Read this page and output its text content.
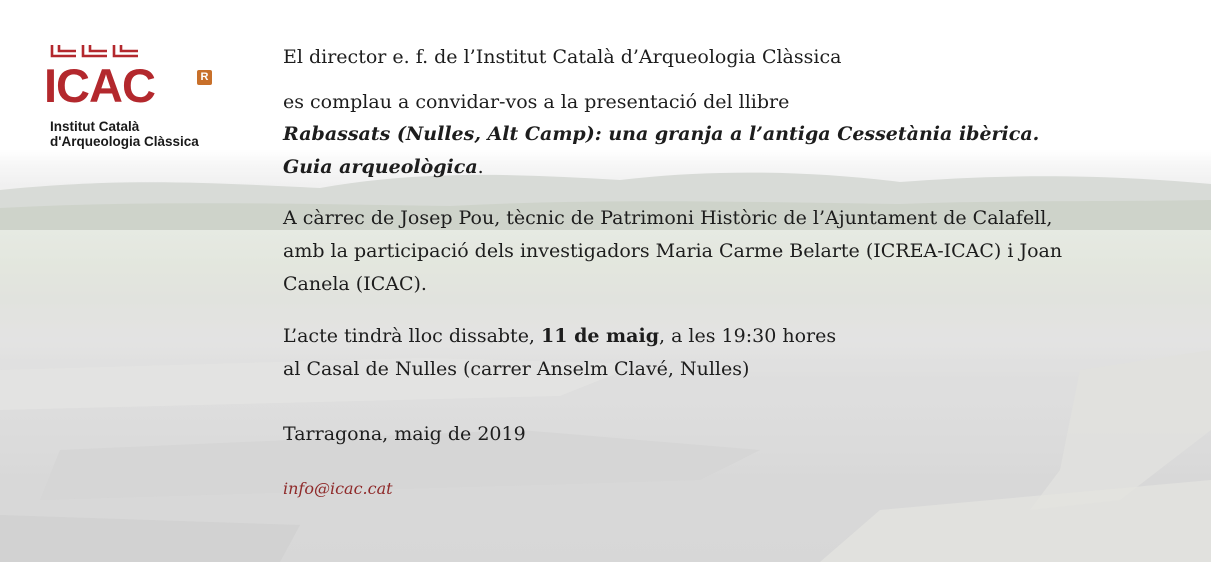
ICAC	R
Institut Català
d'Arqueologia Clàssica
El director e. f. de l’Institut Català d’Arqueologia Clàssica
es complau a convidar-vos a la presentació del llibre
Rabassats (Nulles, Alt Camp): una granja a l’antiga Cessetània ibèrica.
Guia arqueològica.
A càrrec de Josep Pou, tècnic de Patrimoni Històric de l’Ajuntament de Calafell,
amb la participació dels investigadors Maria Carme Belarte (ICREA-ICAC) i Joan
Canela (ICAC).
L’acte tindrà lloc dissabte, 11 de maig, a les 19:30 hores
al Casal de Nulles (carrer Anselm Clavé, Nulles)
Tarragona, maig de 2019
info@icac.cat
